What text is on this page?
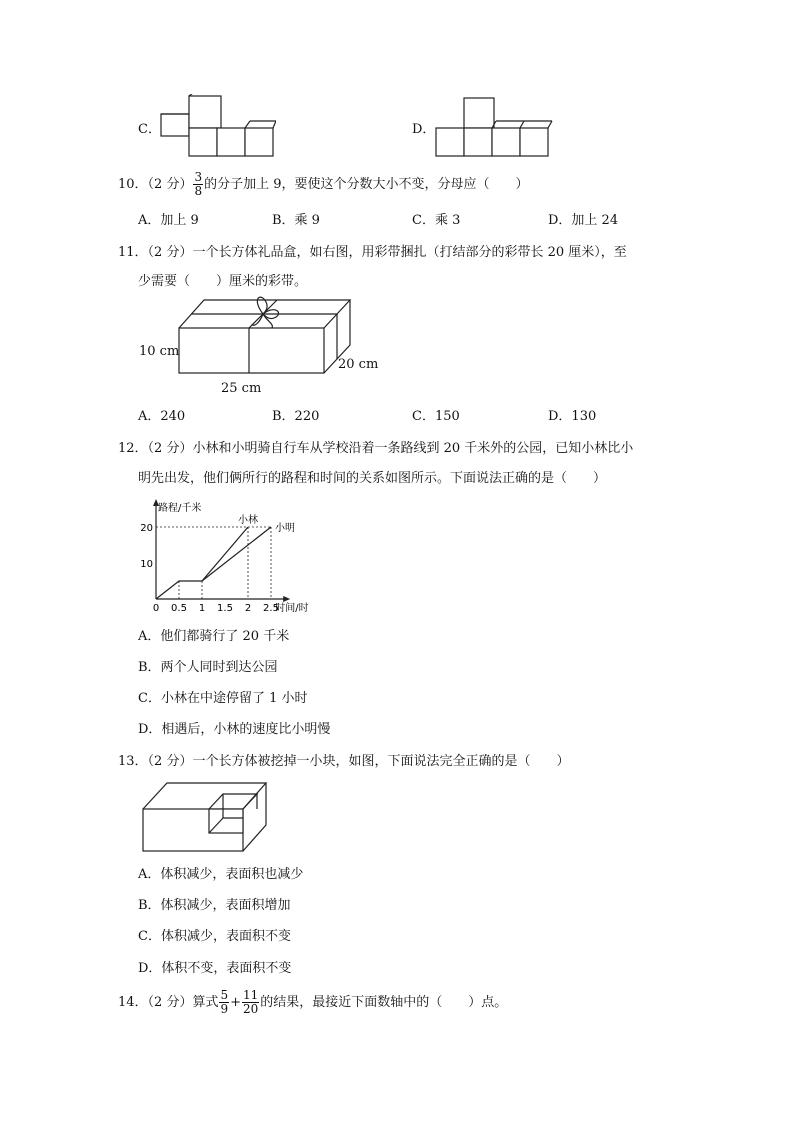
C．	D．
10．（2 分） $\frac{3}{8}$ 的分子加上 9，要使这个分数大小不变，分母应（　　）
A．加上 9	B．乘 9	C．乘 3	D．加上 24
11．（2 分）一个长方体礼品盒，如右图，用彩带捆扎（打结部分的彩带长 20 厘米），至
少需要（　　）厘米的彩带。
10 cm
20 cm
25 cm
A．240	B．220	C．150	D．130
12．（2 分）小林和小明骑自行车从学校沿着一条路线到 20 千米外的公园，已知小林比小
明先出发，他们俩所行的路程和时间的关系如图所示。下面说法正确的是（　　）
路程/千米
时间/时
0 0.5 1 1.5 2 2.5
10
20
小林
小明
A．他们都骑行了 20 千米
B．两个人同时到达公园
C．小林在中途停留了 1 小时
D．相遇后，小林的速度比小明慢
13．（2 分）一个长方体被挖掉一小块，如图，下面说法完全正确的是（　　）
A．体积减少，表面积也减少
B．体积减少，表面积增加
C．体积减少，表面积不变
D．体积不变，表面积不变
14．（2 分）算式 $\frac{5}{9} + \frac{11}{20}$ 的结果，最接近下面数轴中的（　　）点。
